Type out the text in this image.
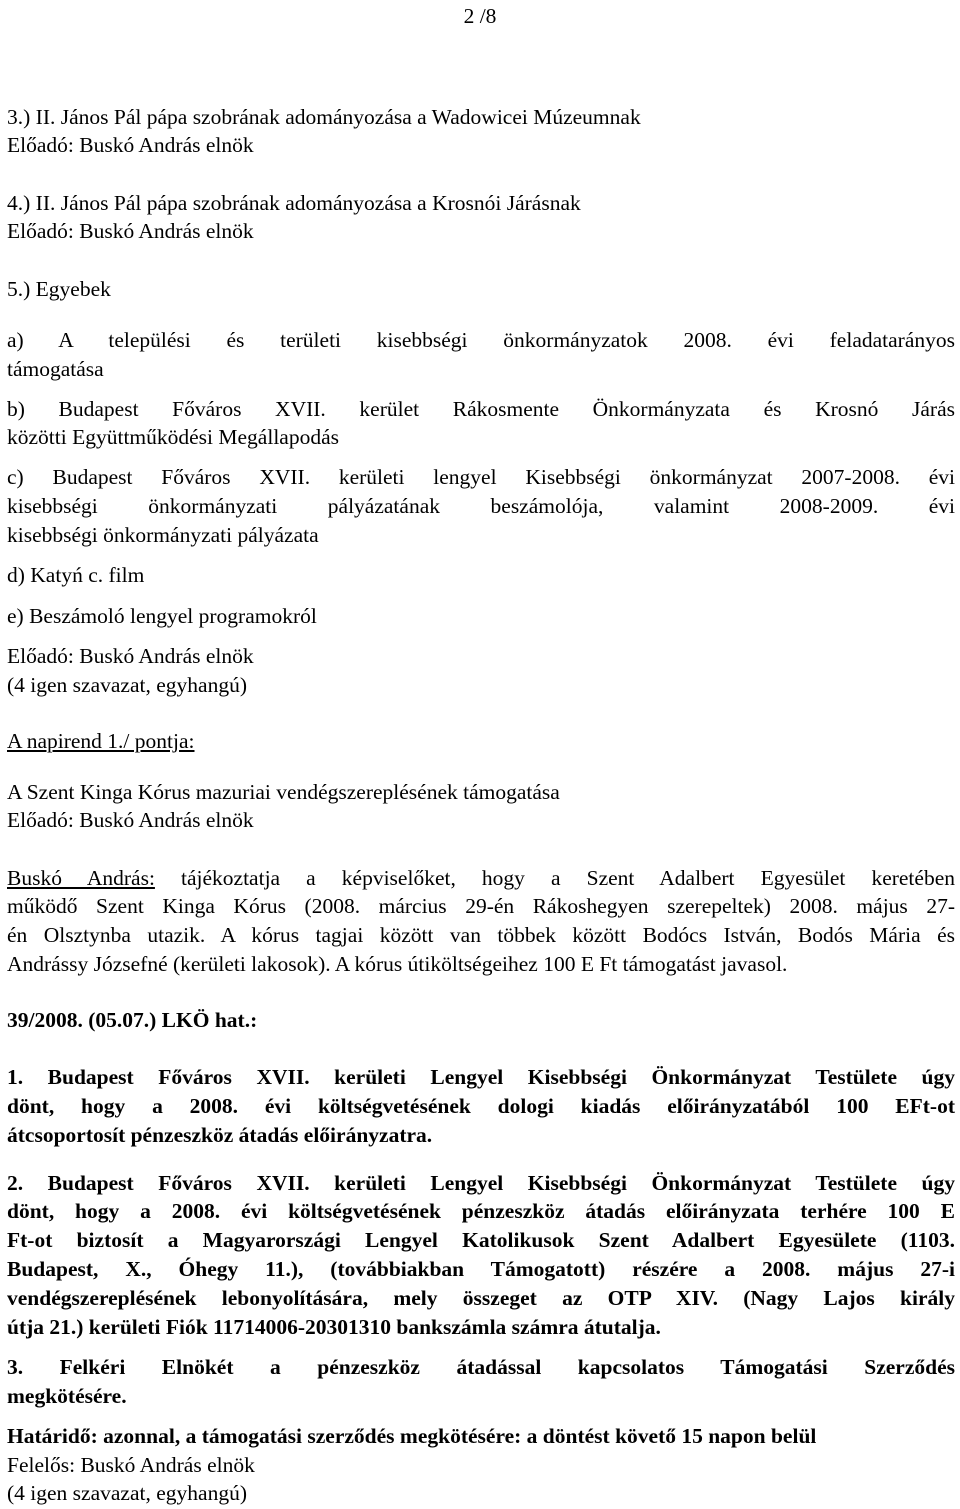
2 /8
3.) II. János Pál pápa szobrának adományozása a Wadowicei Múzeumnak
Előadó: Buskó András elnök
4.) II. János Pál pápa szobrának adományozása a Krosnói Járásnak
Előadó: Buskó András elnök
5.) Egyebek
a) A települési és területi kisebbségi önkormányzatok 2008. évi feladatarányos
támogatása
b) Budapest Főváros XVII. kerület Rákosmente Önkormányzata és Krosnó Járás
közötti Együttműködési Megállapodás
c) Budapest Főváros XVII. kerületi lengyel Kisebbségi önkormányzat 2007-2008. évi
kisebbségi önkormányzati pályázatának beszámolója, valamint 2008-2009. évi
kisebbségi önkormányzati pályázata
d) Katyń c. film
e) Beszámoló lengyel programokról
Előadó: Buskó András elnök
(4 igen szavazat, egyhangú)
A napirend 1./ pontja:
A Szent Kinga Kórus mazuriai vendégszereplésének támogatása
Előadó: Buskó András elnök
Buskó András: tájékoztatja a képviselőket, hogy a Szent Adalbert Egyesület keretében
működő Szent Kinga Kórus (2008. március 29-én Rákoshegyen szerepeltek) 2008. május 27-
én Olsztynba utazik. A kórus tagjai között van többek között Bodócs István, Bodós Mária és
Andrássy Józsefné (kerületi lakosok). A kórus útiköltségeihez 100 E Ft támogatást javasol.
39/2008. (05.07.) LKÖ hat.:
1. Budapest Főváros XVII. kerületi Lengyel Kisebbségi Önkormányzat Testülete úgy
dönt, hogy a 2008. évi költségvetésének dologi kiadás előirányzatából 100 EFt-ot
átcsoportosít pénzeszköz átadás előirányzatra.
2. Budapest Főváros XVII. kerületi Lengyel Kisebbségi Önkormányzat Testülete úgy
dönt, hogy a 2008. évi költségvetésének pénzeszköz átadás előirányzata terhére 100 E
Ft-ot biztosít a Magyarországi Lengyel Katolikusok Szent Adalbert Egyesülete (1103.
Budapest, X., Óhegy 11.), (továbbiakban Támogatott) részére a 2008. május 27-i
vendégszereplésének lebonyolítására, mely összeget az OTP XIV. (Nagy Lajos király
útja 21.) kerületi Fiók 11714006-20301310 bankszámla számra átutalja.
3. Felkéri Elnökét a pénzeszköz átadással kapcsolatos Támogatási Szerződés
megkötésére.
Határidő: azonnal, a támogatási szerződés megkötésére: a döntést követő 15 napon belül
Felelős: Buskó András elnök
(4 igen szavazat, egyhangú)
